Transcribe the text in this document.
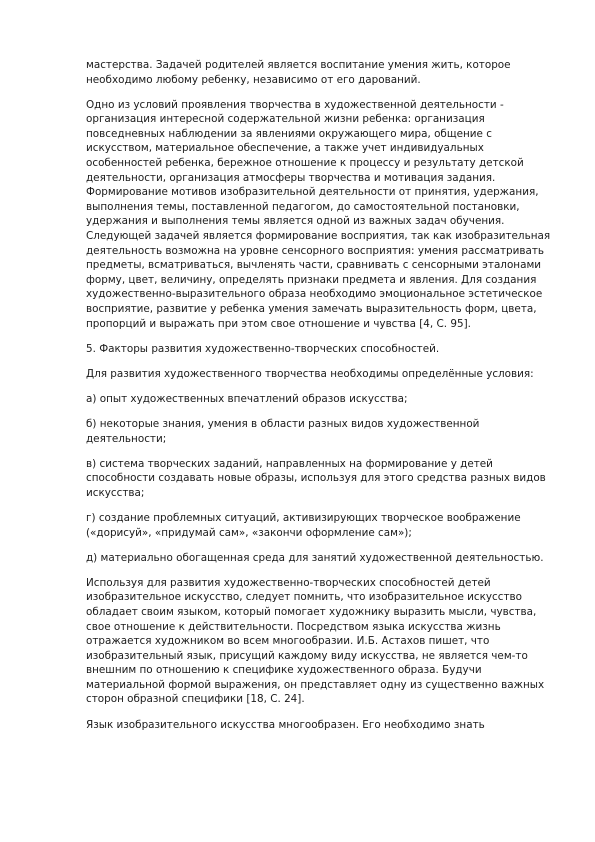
мастерства. Задачей родителей является воспитание умения жить, которое необходимо любому ребенку, независимо от его дарований.

Одно из условий проявления творчества в художественной деятельности - организация интересной содержательной жизни ребенка: организация повседневных наблюдении за явлениями окружающего мира, общение с искусством, материальное обеспечение, а также учет индивидуальных особенностей ребенка, бережное отношение к процессу и результату детской деятельности, организация атмосферы творчества и мотивация задания. Формирование мотивов изобразительной деятельности от принятия, удержания, выполнения темы, поставленной педагогом, до самостоятельной постановки, удержания и выполнения темы является одной из важных задач обучения. Следующей задачей является формирование восприятия, так как изобразительная деятельность возможна на уровне сенсорного восприятия: умения рассматривать предметы, всматриваться, вычленять части, сравнивать с сенсорными эталонами форму, цвет, величину, определять признаки предмета и явления. Для создания художественно-выразительного образа необходимо эмоциональное эстетическое восприятие, развитие у ребенка умения замечать выразительность форм, цвета, пропорций и выражать при этом свое отношение и чувства [4, С. 95].

5. Факторы развития художественно-творческих способностей.

Для развития художественного творчества необходимы определённые условия:

а) опыт художественных впечатлений образов искусства;

б) некоторые знания, умения в области разных видов художественной деятельности;

в) система творческих заданий, направленных на формирование у детей способности создавать новые образы, используя для этого средства разных видов искусства;

г) создание проблемных ситуаций, активизирующих творческое воображение («дорисуй», «придумай сам», «закончи оформление сам»);

д) материально обогащенная среда для занятий художественной деятельностью.

Используя для развития художественно-творческих способностей детей изобразительное искусство, следует помнить, что изобразительное искусство обладает своим языком, который помогает художнику выразить мысли, чувства, свое отношение к действительности. Посредством языка искусства жизнь отражается художником во всем многообразии. И.Б. Астахов пишет, что изобразительный язык, присущий каждому виду искусства, не является чем-то внешним по отношению к специфике художественного образа. Будучи материальной формой выражения, он представляет одну из существенно важных сторон образной специфики [18, С. 24].

Язык изобразительного искусства многообразен. Его необходимо знать
